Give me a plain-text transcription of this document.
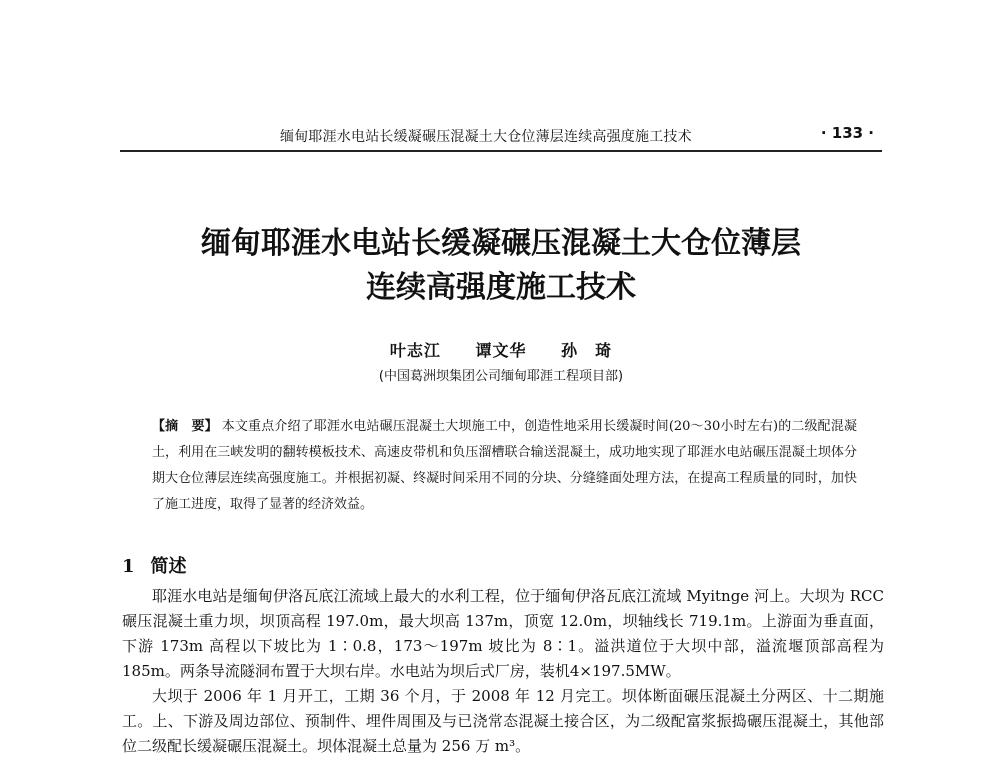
缅甸耶涯水电站长缓凝碾压混凝土大仓位薄层连续高强度施工技术	· 133 ·
缅甸耶涯水电站长缓凝碾压混凝土大仓位薄层
连续高强度施工技术
叶志江 谭文华 孙　琦
(中国葛洲坝集团公司缅甸耶涯工程项目部)
【摘　要】 本文重点介绍了耶涯水电站碾压混凝土大坝施工中，创造性地采用长缓凝时间(20～30小时左右)的二级配混凝土，利用在三峡发明的翻转模板技术、高速皮带机和负压溜槽联合输送混凝土，成功地实现了耶涯水电站碾压混凝土坝体分期大仓位薄层连续高强度施工。并根据初凝、终凝时间采用不同的分块、分缝缝面处理方法，在提高工程质量的同时，加快了施工进度，取得了显著的经济效益。
1 简述

耶涯水电站是缅甸伊洛瓦底江流域上最大的水利工程，位于缅甸伊洛瓦底江流域 Myitnge 河上。大坝为 RCC 碾压混凝土重力坝，坝顶高程 197.0m，最大坝高 137m，顶宽 12.0m，坝轴线长 719.1m。上游面为垂直面，下游 173m 高程以下坡比为 1∶0.8，173～197m 坡比为 8∶1。溢洪道位于大坝中部，溢流堰顶部高程为 185m。两条导流隧洞布置于大坝右岸。水电站为坝后式厂房，装机4×197.5MW。

大坝于 2006 年 1 月开工，工期 36 个月，于 2008 年 12 月完工。坝体断面碾压混凝土分两区、十二期施工。上、下游及周边部位、预制件、埋件周围及与已浇常态混凝土接合区，为二级配富浆振捣碾压混凝土，其他部位二级配长缓凝碾压混凝土。坝体混凝土总量为 256 万 m³。
